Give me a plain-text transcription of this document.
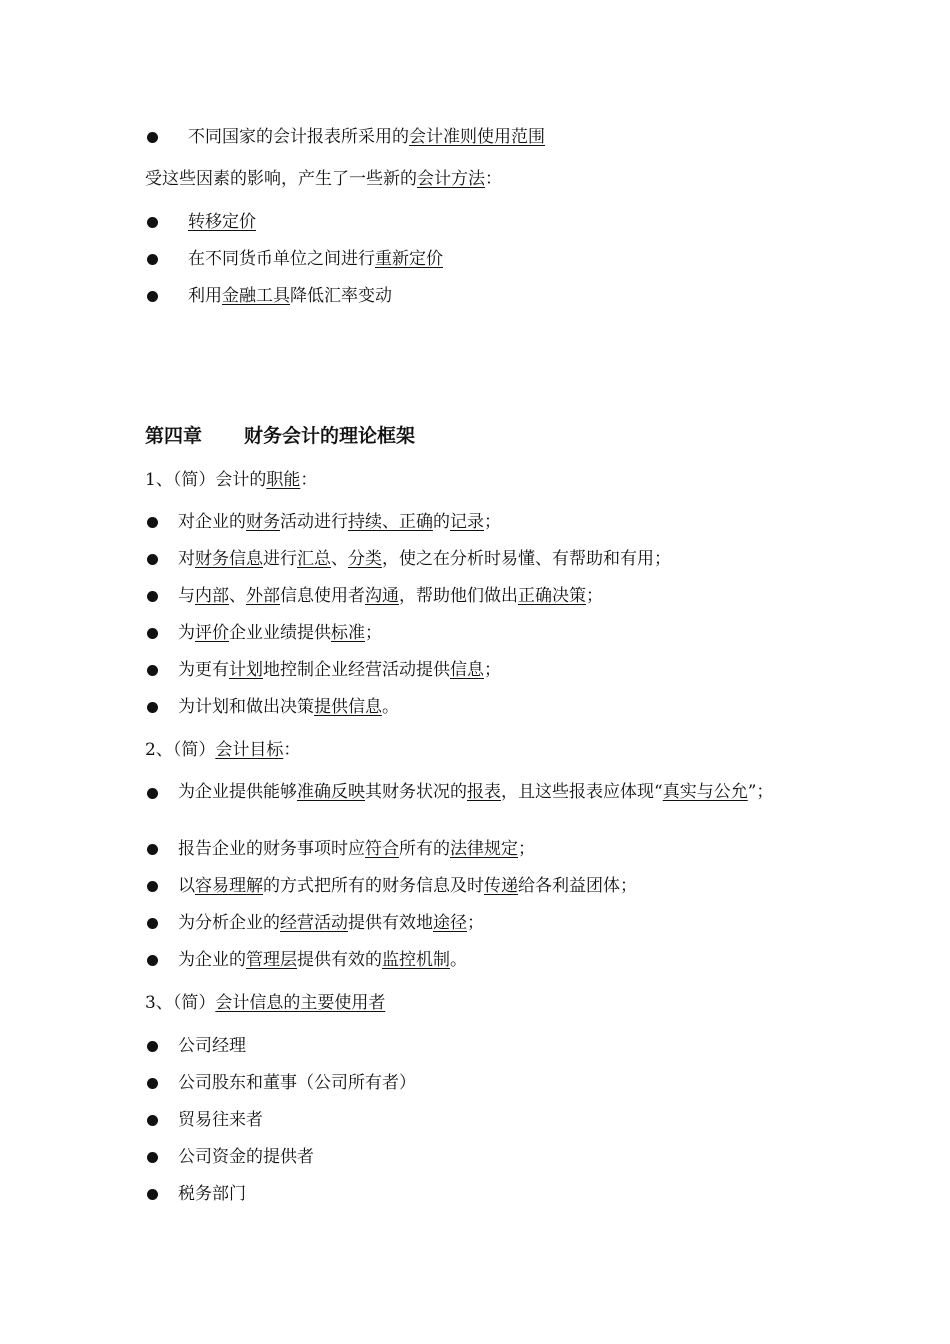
不同国家的会计报表所采用的会计准则使用范围
受这些因素的影响，产生了一些新的会计方法：
转移定价
在不同货币单位之间进行重新定价
利用金融工具降低汇率变动
第四章 财务会计的理论框架
1、（简）会计的职能：
对企业的财务活动进行持续、正确的记录；
对财务信息进行汇总、分类，使之在分析时易懂、有帮助和有用；
与内部、外部信息使用者沟通，帮助他们做出正确决策；
为评价企业业绩提供标准；
为更有计划地控制企业经营活动提供信息；
为计划和做出决策提供信息。
2、（简）会计目标：
为企业提供能够准确反映其财务状况的报表，且这些报表应体现“真实与公允”；
报告企业的财务事项时应符合所有的法律规定；
以容易理解的方式把所有的财务信息及时传递给各利益团体；
为分析企业的经营活动提供有效地途径；
为企业的管理层提供有效的监控机制。
3、（简）会计信息的主要使用者
公司经理
公司股东和董事（公司所有者）
贸易往来者
公司资金的提供者
税务部门
